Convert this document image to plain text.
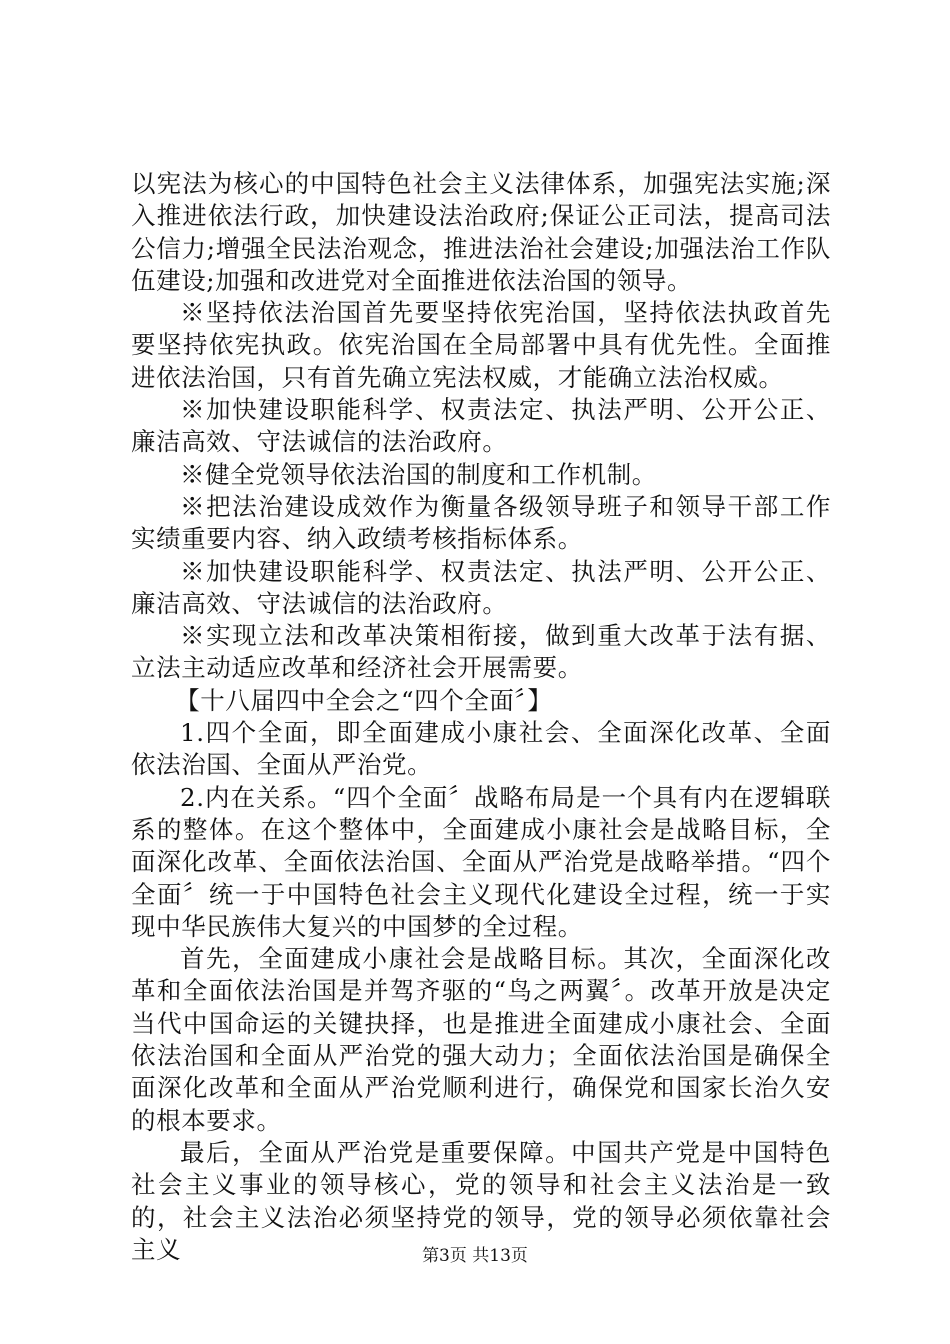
以宪法为核心的中国特色社会主义法律体系，加强宪法实施;深入推进依法行政，加快建设法治政府;保证公正司法，提高司法公信力;增强全民法治观念，推进法治社会建设;加强法治工作队伍建设;加强和改进党对全面推进依法治国的领导。

※坚持依法治国首先要坚持依宪治国，坚持依法执政首先要坚持依宪执政。依宪治国在全局部署中具有优先性。全面推进依法治国，只有首先确立宪法权威，才能确立法治权威。

※加快建设职能科学、权责法定、执法严明、公开公正、廉洁高效、守法诚信的法治政府。

※健全党领导依法治国的制度和工作机制。

※把法治建设成效作为衡量各级领导班子和领导干部工作实绩重要内容、纳入政绩考核指标体系。

※加快建设职能科学、权责法定、执法严明、公开公正、廉洁高效、守法诚信的法治政府。

※实现立法和改革决策相衔接，做到重大改革于法有据、立法主动适应改革和经济社会开展需要。

【十八届四中全会之“四个全面〞】

1.四个全面，即全面建成小康社会、全面深化改革、全面依法治国、全面从严治党。

2.内在关系。“四个全面〞战略布局是一个具有内在逻辑联系的整体。在这个整体中，全面建成小康社会是战略目标，全面深化改革、全面依法治国、全面从严治党是战略举措。“四个全面〞统一于中国特色社会主义现代化建设全过程，统一于实现中华民族伟大复兴的中国梦的全过程。

首先，全面建成小康社会是战略目标。其次，全面深化改革和全面依法治国是并驾齐驱的“鸟之两翼〞。改革开放是决定当代中国命运的关键抉择，也是推进全面建成小康社会、全面依法治国和全面从严治党的强大动力；全面依法治国是确保全面深化改革和全面从严治党顺利进行，确保党和国家长治久安的根本要求。

最后，全面从严治党是重要保障。中国共产党是中国特色社会主义事业的领导核心，党的领导和社会主义法治是一致的，社会主义法治必须坚持党的领导，党的领导必须依靠社会主义	第3页 共13页
